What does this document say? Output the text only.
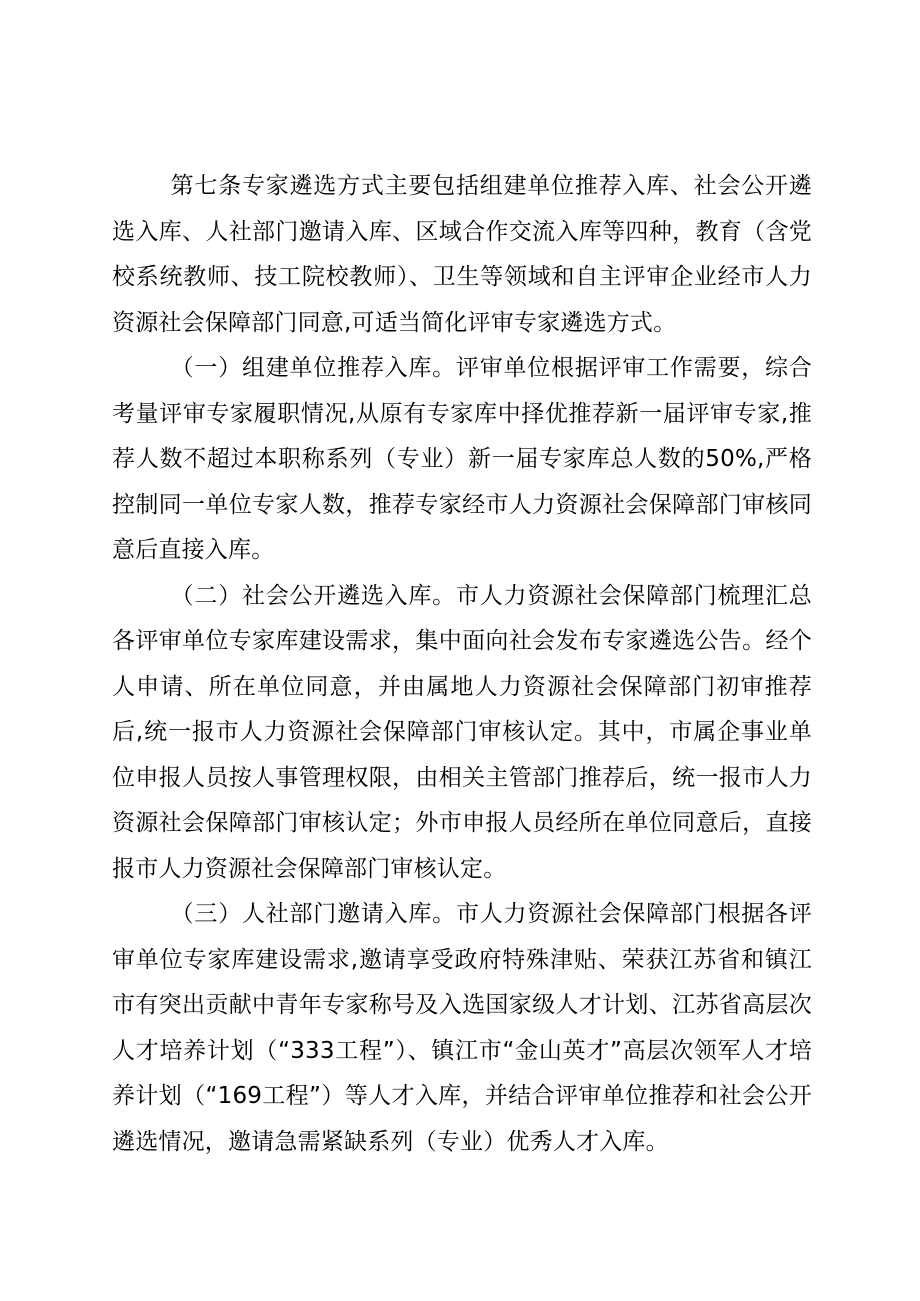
第七条专家遴选方式主要包括组建单位推荐入库、社会公开遴选入库、人社部门邀请入库、区域合作交流入库等四种，教育（含党校系统教师、技工院校教师）、卫生等领域和自主评审企业经市人力资源社会保障部门同意,可适当简化评审专家遴选方式。

（一）组建单位推荐入库。评审单位根据评审工作需要，综合考量评审专家履职情况,从原有专家库中择优推荐新一届评审专家,推荐人数不超过本职称系列（专业）新一届专家库总人数的50%,严格控制同一单位专家人数，推荐专家经市人力资源社会保障部门审核同意后直接入库。

（二）社会公开遴选入库。市人力资源社会保障部门梳理汇总各评审单位专家库建设需求，集中面向社会发布专家遴选公告。经个人申请、所在单位同意，并由属地人力资源社会保障部门初审推荐后,统一报市人力资源社会保障部门审核认定。其中，市属企事业单位申报人员按人事管理权限，由相关主管部门推荐后，统一报市人力资源社会保障部门审核认定；外市申报人员经所在单位同意后，直接报市人力资源社会保障部门审核认定。

（三）人社部门邀请入库。市人力资源社会保障部门根据各评审单位专家库建设需求,邀请享受政府特殊津贴、荣获江苏省和镇江市有突出贡献中青年专家称号及入选国家级人才计划、江苏省高层次人才培养计划（“333工程”）、镇江市“金山英才”高层次领军人才培养计划（“169工程”）等人才入库，并结合评审单位推荐和社会公开遴选情况，邀请急需紧缺系列（专业）优秀人才入库。
